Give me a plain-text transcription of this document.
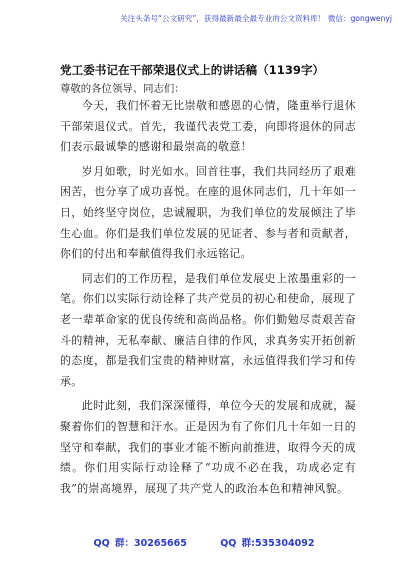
关注头条号“公文研究”，获得最新最全最专业的公文资料库！ 微信：gongwenyj
党工委书记在干部荣退仪式上的讲话稿（1139字）
尊敬的各位领导、同志们：

今天，我们怀着无比崇敬和感恩的心情，隆重举行退休干部荣退仪式。首先，我谨代表党工委，向即将退休的同志们表示最诚挚的感谢和最崇高的敬意！

岁月如歌，时光如水。回首往事，我们共同经历了艰难困苦，也分享了成功喜悦。在座的退休同志们，几十年如一日，始终坚守岗位，忠诚履职，为我们单位的发展倾注了毕生心血。你们是我们单位发展的见证者、参与者和贡献者，你们的付出和奉献值得我们永远铭记。

同志们的工作历程，是我们单位发展史上浓墨重彩的一笔。你们以实际行动诠释了共产党员的初心和使命，展现了老一辈革命家的优良传统和高尚品格。你们勤勉尽责艰苦奋斗的精神，无私奉献、廉洁自律的作风，求真务实开拓创新的态度，都是我们宝贵的精神财富，永远值得我们学习和传承。

此时此刻，我们深深懂得，单位今天的发展和成就，凝聚着你们的智慧和汗水。正是因为有了你们几十年如一日的坚守和奉献，我们的事业才能不断向前推进，取得今天的成绩。你们用实际行动诠释了“功成不必在我，功成必定有我”的崇高境界，展现了共产党人的政治本色和精神风貌。

QQ 群：30265665	QQ 群:535304092
